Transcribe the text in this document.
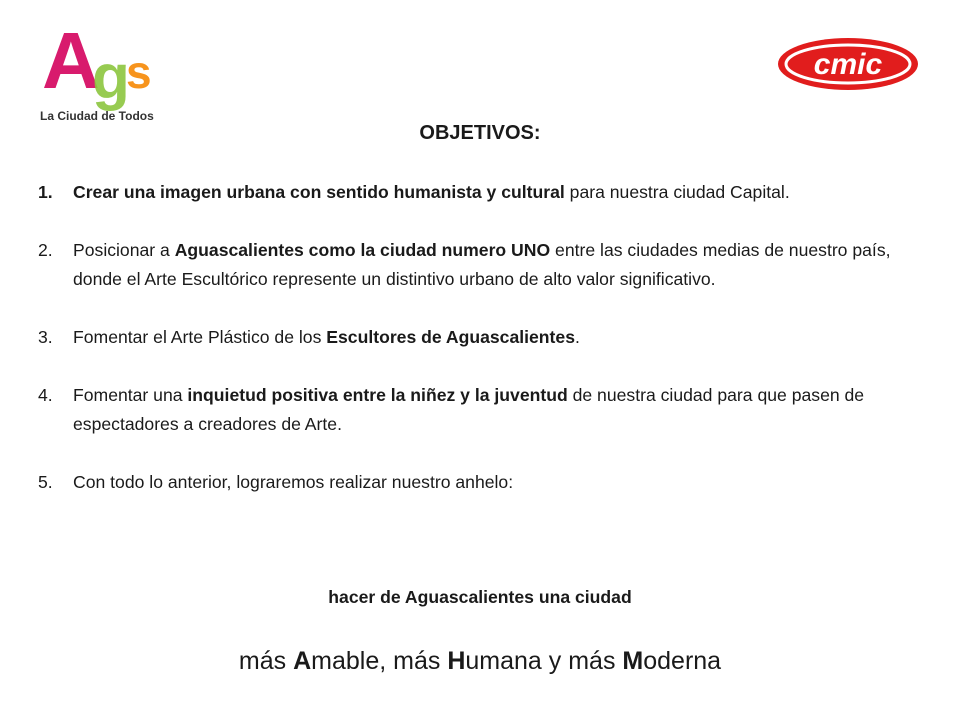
A
g
s
La Ciudad de Todos
cmic
OBJETIVOS:
1. Crear una imagen urbana con sentido humanista y cultural para nuestra ciudad Capital.
2. Posicionar a Aguascalientes como la ciudad numero UNO entre las ciudades medias de nuestro país, donde el Arte Escultórico represente un distintivo urbano de alto valor significativo.
3. Fomentar el Arte Plástico de los Escultores de Aguascalientes.
4. Fomentar una inquietud positiva entre la niñez y la juventud de nuestra ciudad para que pasen de espectadores a creadores de Arte.
5. Con todo lo anterior, lograremos realizar nuestro anhelo:
hacer de Aguascalientes una ciudad
más Amable, más Humana y más Moderna
